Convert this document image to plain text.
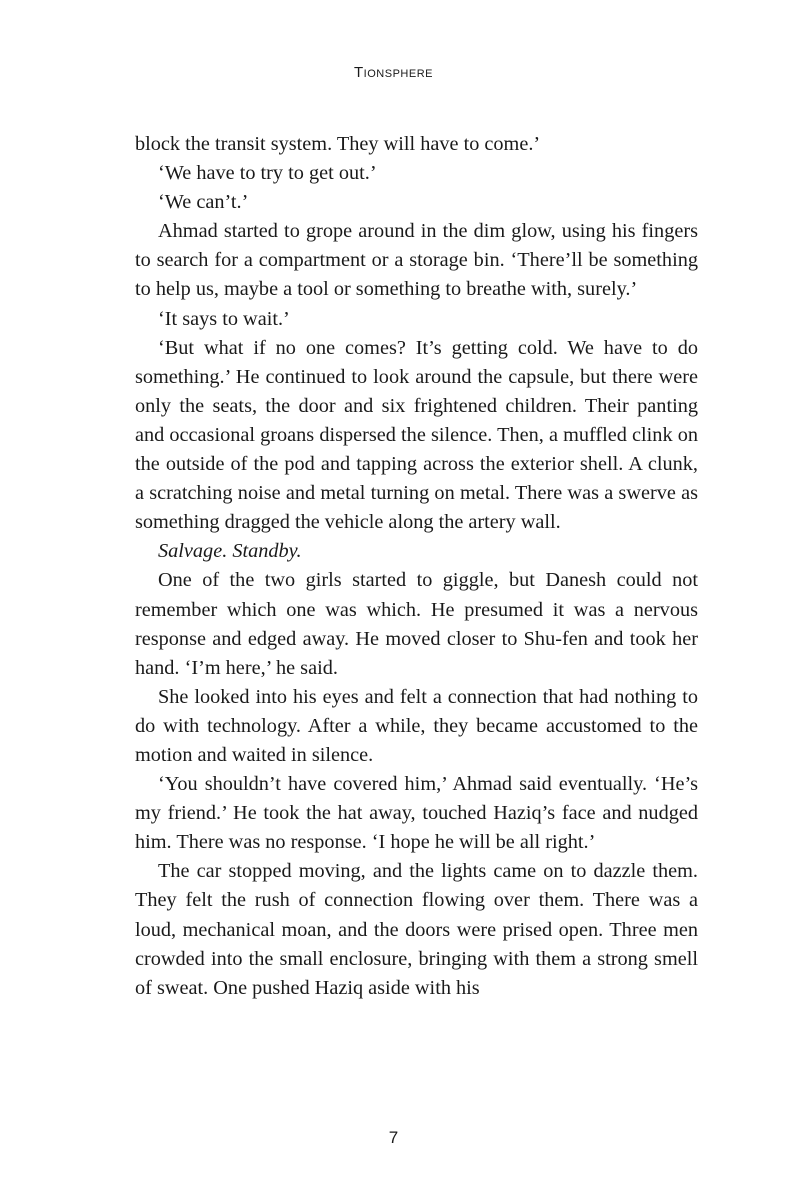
Tionsphere

block the transit system. They will have to come.’

‘We have to try to get out.’

‘We can’t.’

Ahmad started to grope around in the dim glow, using his fingers to search for a compartment or a storage bin. ‘There’ll be something to help us, maybe a tool or something to breathe with, surely.’

‘It says to wait.’

‘But what if no one comes? It’s getting cold. We have to do something.’ He continued to look around the capsule, but there were only the seats, the door and six frightened children. Their panting and occasional groans dispersed the silence. Then, a muffled clink on the outside of the pod and tapping across the exterior shell. A clunk, a scratching noise and metal turning on metal. There was a swerve as something dragged the vehicle along the artery wall.

Salvage. Standby.

One of the two girls started to giggle, but Danesh could not remember which one was which. He presumed it was a nervous response and edged away. He moved closer to Shu-fen and took her hand. ‘I’m here,’ he said.

She looked into his eyes and felt a connection that had nothing to do with technology. After a while, they became accustomed to the motion and waited in silence.

‘You shouldn’t have covered him,’ Ahmad said eventually. ‘He’s my friend.’ He took the hat away, touched Haziq’s face and nudged him. There was no response. ‘I hope he will be all right.’

The car stopped moving, and the lights came on to dazzle them. They felt the rush of connection flowing over them. There was a loud, mechanical moan, and the doors were prised open. Three men crowded into the small enclosure, bringing with them a strong smell of sweat. One pushed Haziq aside with his

7
